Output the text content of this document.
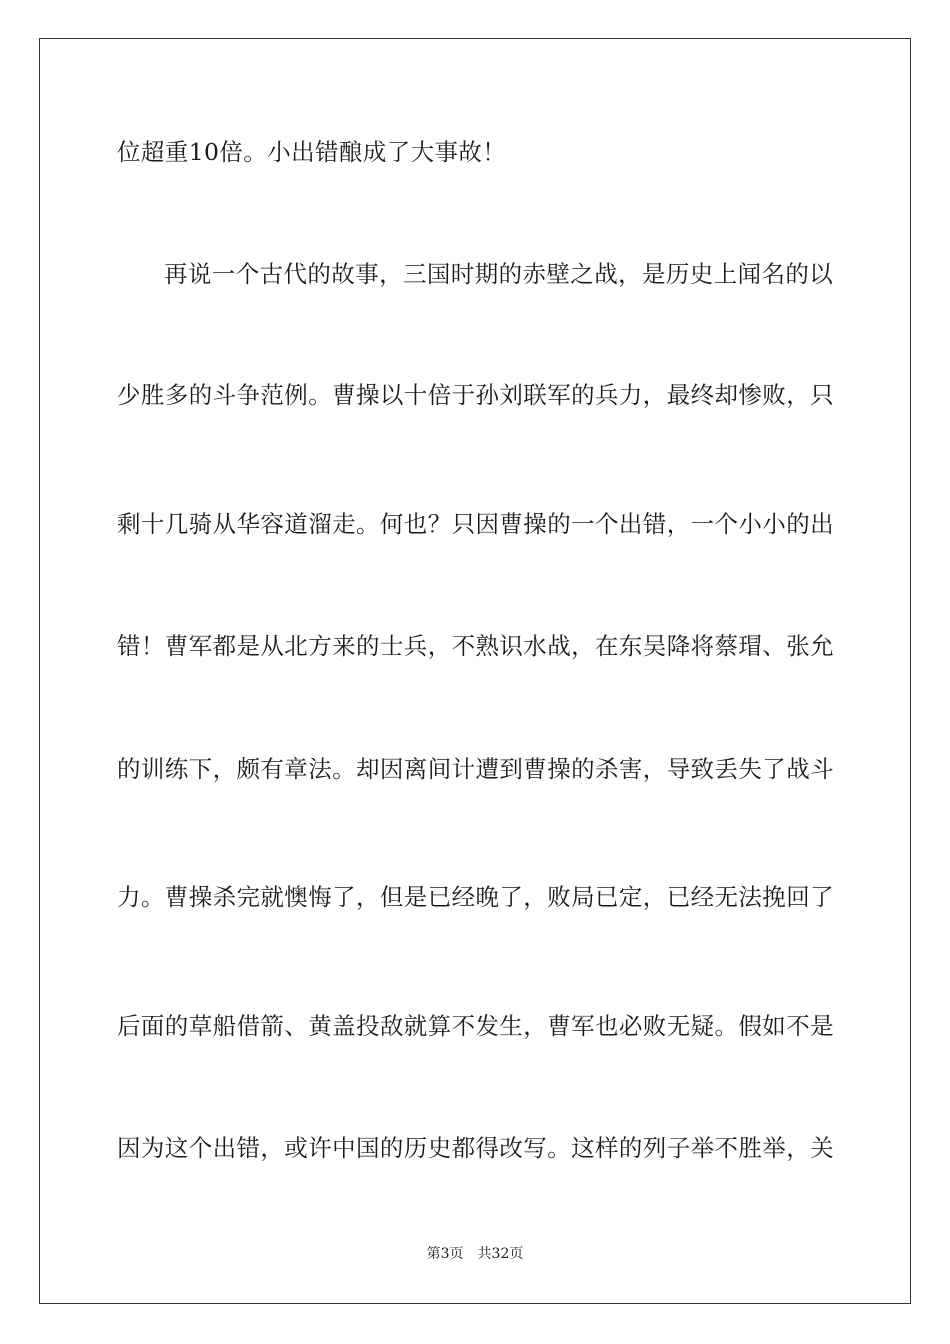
位超重10倍。小出错酿成了大事故！
再说一个古代的故事，三国时期的赤壁之战，是历史上闻名的以
少胜多的斗争范例。曹操以十倍于孙刘联军的兵力，最终却惨败，只
剩十几骑从华容道溜走。何也？只因曹操的一个出错，一个小小的出
错！曹军都是从北方来的士兵，不熟识水战，在东吴降将蔡瑁、张允
的训练下，颇有章法。却因离间计遭到曹操的杀害，导致丢失了战斗
力。曹操杀完就懊悔了，但是已经晚了，败局已定，已经无法挽回了
后面的草船借箭、黄盖投敌就算不发生，曹军也必败无疑。假如不是
因为这个出错，或许中国的历史都得改写。这样的列子举不胜举，关
第3页　共32页
